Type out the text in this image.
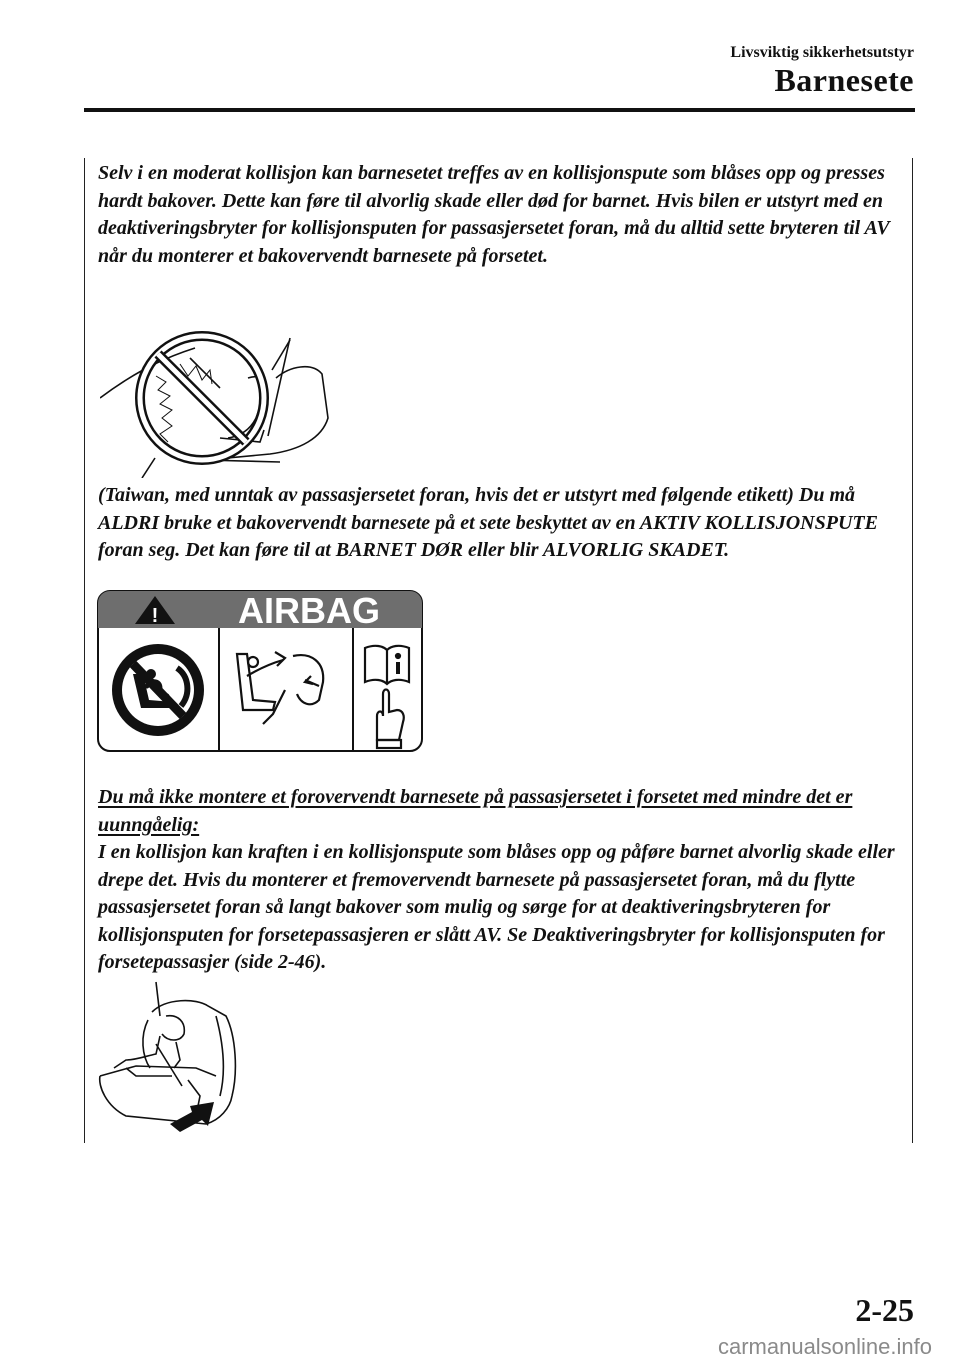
Livsviktig sikkerhetsutstyr
Barnesete

Selv i en moderat kollisjon kan barnesetet treffes av en kollisjonspute som blåses opp og presses hardt bakover. Dette kan føre til alvorlig skade eller død for barnet. Hvis bilen er utstyrt med en deaktiveringsbryter for kollisjonsputen for passasjersetet foran, må du alltid sette bryteren til AV når du monterer et bakovervendt barnesete på forsetet.

(Taiwan, med unntak av passasjersetet foran, hvis det er utstyrt med følgende etikett) Du må ALDRI bruke et bakovervendt barnesete på et sete beskyttet av en AKTIV KOLLISJONSPUTE foran seg. Det kan føre til at BARNET DØR eller blir ALVORLIG SKADET.

! AIRBAG
Du må ikke montere et forovervendt barnesete på passasjersetet i forsetet med mindre det er uunngåelig:
I en kollisjon kan kraften i en kollisjonspute som blåses opp og påføre barnet alvorlig skade eller drepe det. Hvis du monterer et fremovervendt barnesete på passasjersetet foran, må du flytte passasjersetet foran så langt bakover som mulig og sørge for at deaktiveringsbryteren for kollisjonsputen for forsetepassasjeren er slått AV. Se Deaktiveringsbryter for kollisjonsputen for forsetepassasjer (side 2-46).
2-25
carmanualsonline.info
